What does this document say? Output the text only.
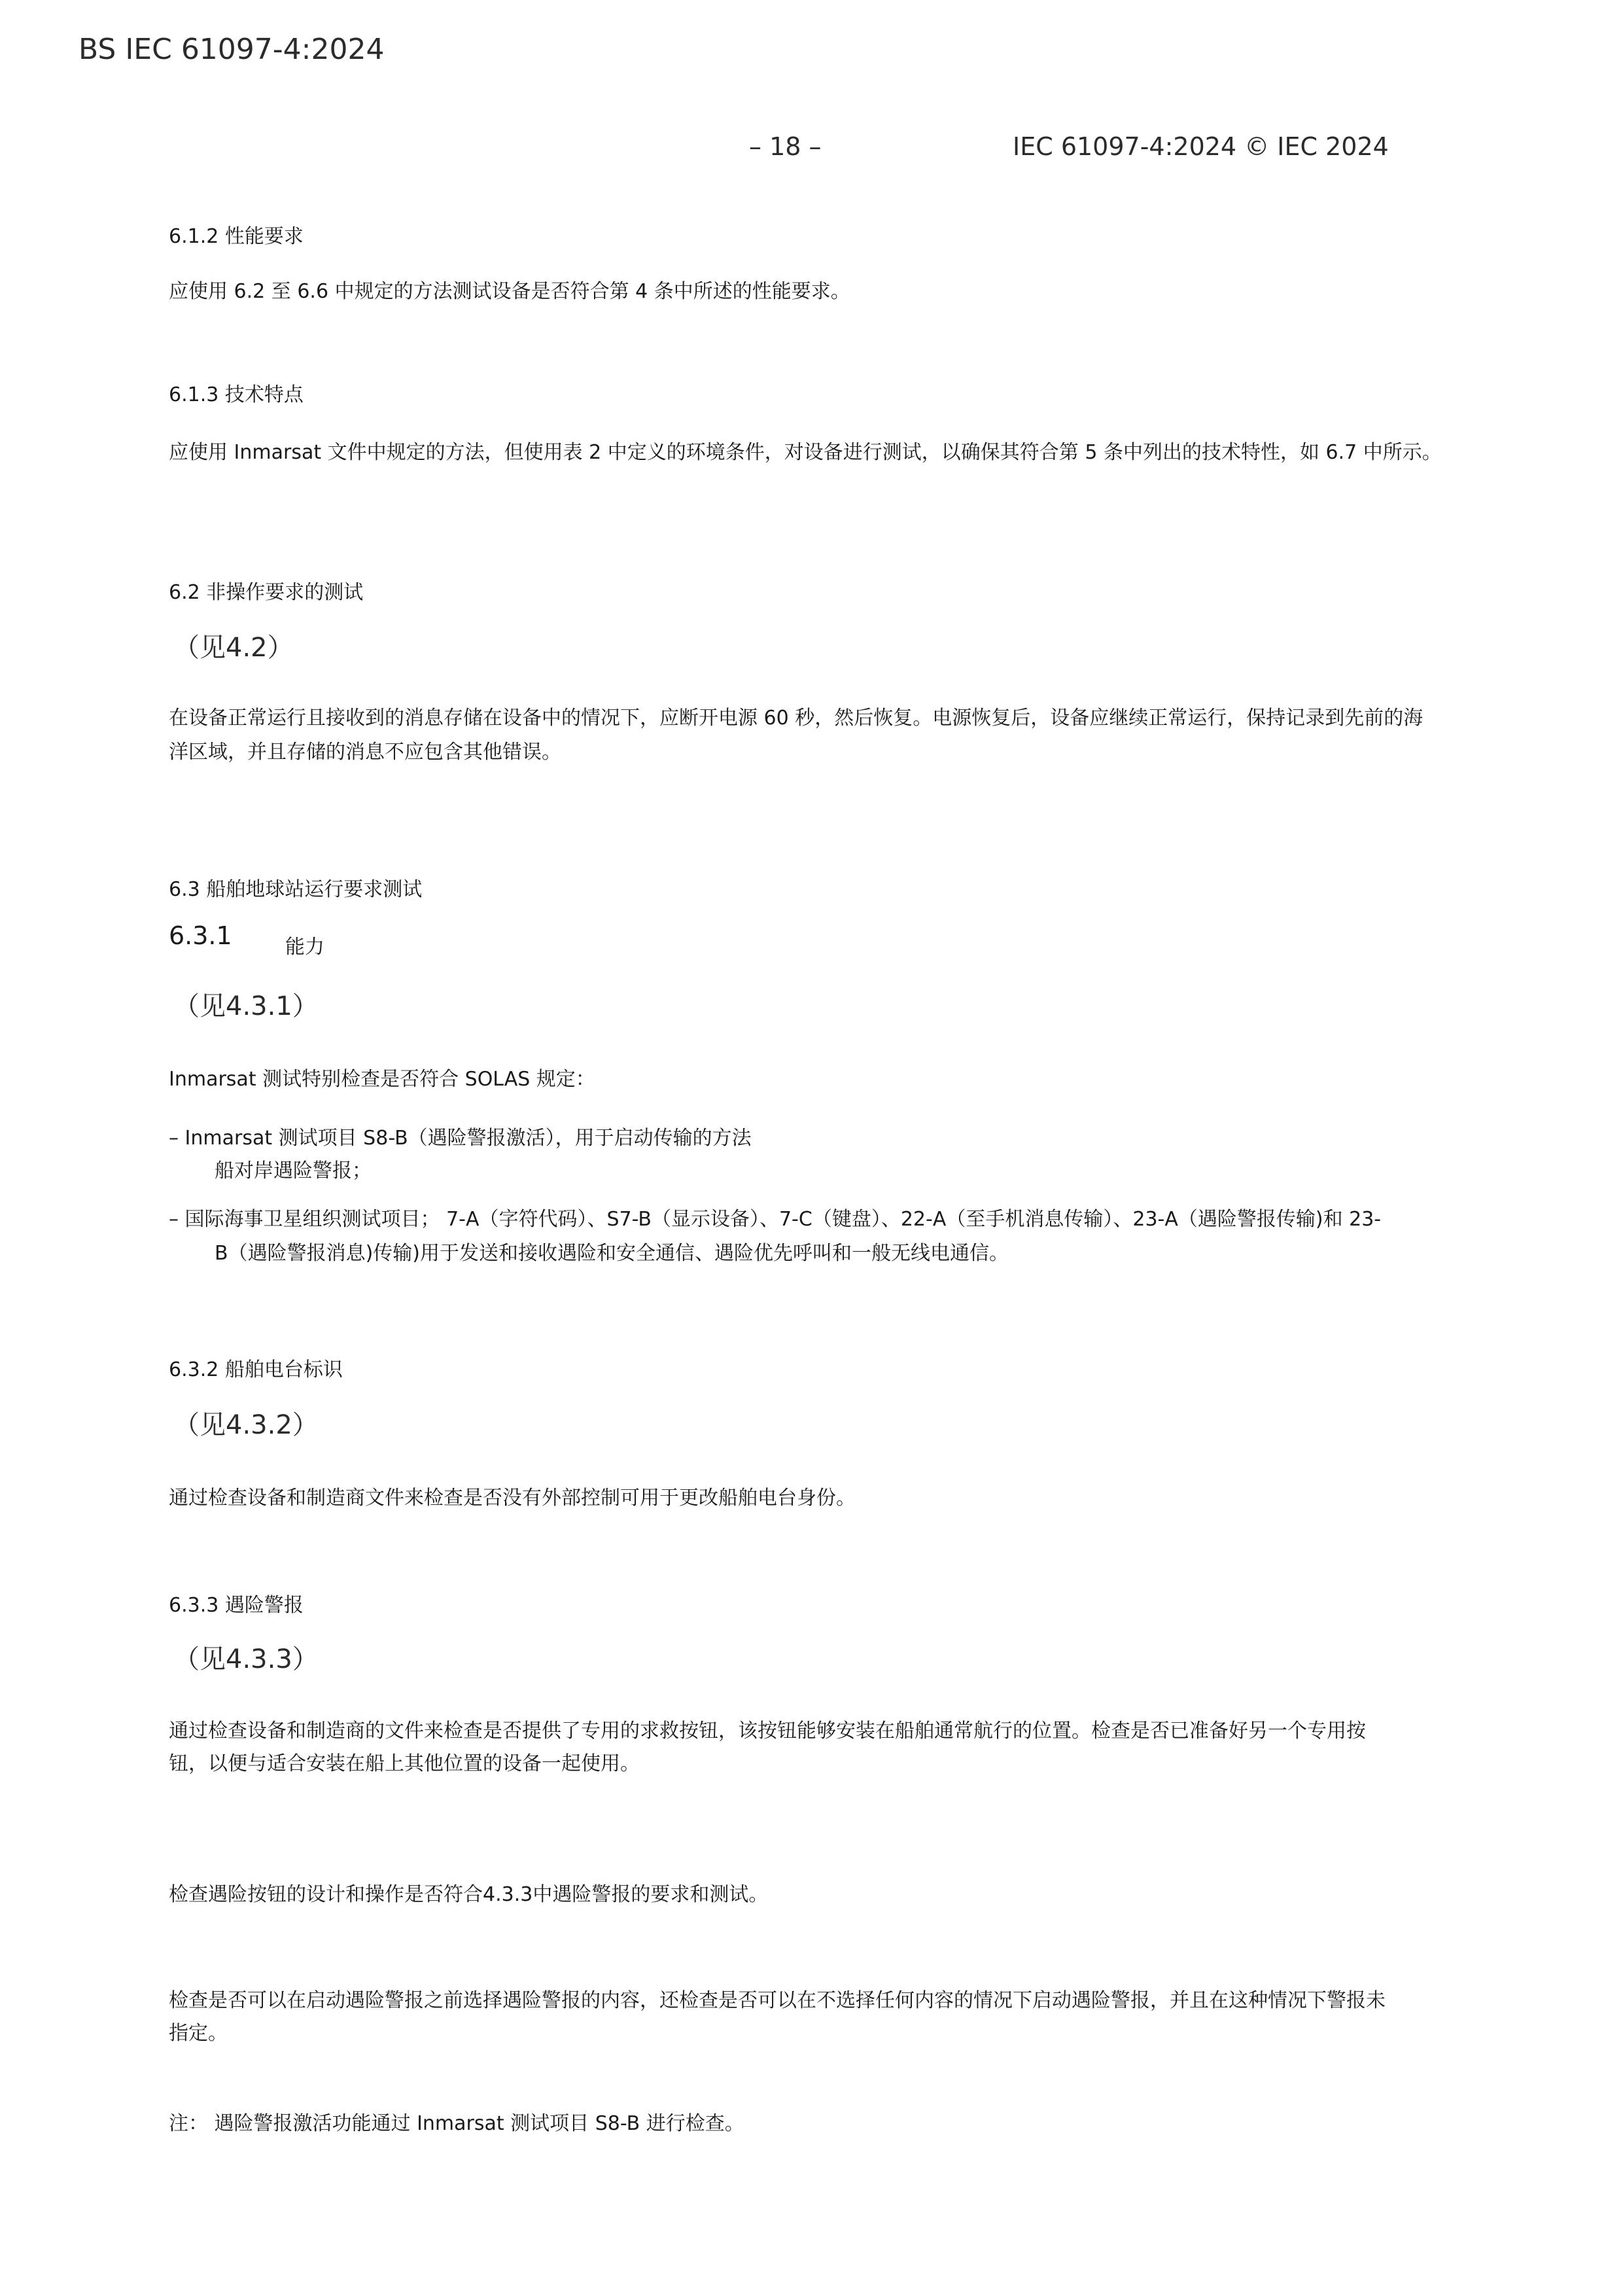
BS IEC 61097-4:2024
– 18 –	IEC 61097-4:2024 © IEC 2024
6.1.2 性能要求
应使用 6.2 至 6.6 中规定的方法测试设备是否符合第 4 条中所述的性能要求。
6.1.3 技术特点
应使用 Inmarsat 文件中规定的方法，但使用表 2 中定义的环境条件，对设备进行测试，以确保其符合第 5 条中列出的技术特性，如 6.7 中所示。
6.2 非操作要求的测试
（见4.2）
在设备正常运行且接收到的消息存储在设备中的情况下，应断开电源 60 秒，然后恢复。电源恢复后，设备应继续正常运行，保持记录到先前的海
洋区域，并且存储的消息不应包含其他错误。
6.3 船舶地球站运行要求测试
6.3.1	能力
（见4.3.1）
Inmarsat 测试特别检查是否符合 SOLAS 规定：
– Inmarsat 测试项目 S8-B（遇险警报激活），用于启动传输的方法
船对岸遇险警报；
– 国际海事卫星组织测试项目； 7-A（字符代码）、S7-B（显示设备）、7-C（键盘）、22-A（至手机消息传输）、23-A（遇险警报传输)和 23-
B（遇险警报消息)传输)用于发送和接收遇险和安全通信、遇险优先呼叫和一般无线电通信。
6.3.2 船舶电台标识
（见4.3.2）
通过检查设备和制造商文件来检查是否没有外部控制可用于更改船舶电台身份。
6.3.3 遇险警报
（见4.3.3）
通过检查设备和制造商的文件来检查是否提供了专用的求救按钮，该按钮能够安装在船舶通常航行的位置。检查是否已准备好另一个专用按
钮，以便与适合安装在船上其他位置的设备一起使用。
检查遇险按钮的设计和操作是否符合4.3.3中遇险警报的要求和测试。
检查是否可以在启动遇险警报之前选择遇险警报的内容，还检查是否可以在不选择任何内容的情况下启动遇险警报，并且在这种情况下警报未
指定。
注： 遇险警报激活功能通过 Inmarsat 测试项目 S8-B 进行检查。
